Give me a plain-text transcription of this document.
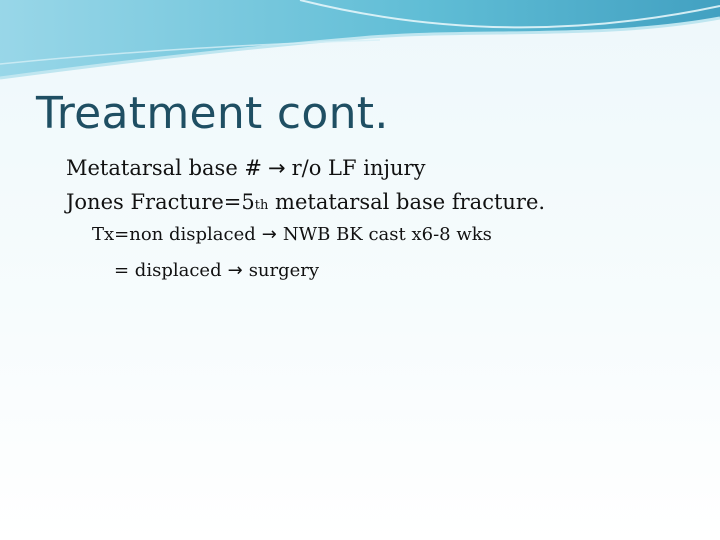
Treatment cont.
Metatarsal base # → r/o LF injury
Jones Fracture=5 th metatarsal base fracture.
Tx=non displaced → NWB BK cast x6-8 wks
= displaced → surgery
